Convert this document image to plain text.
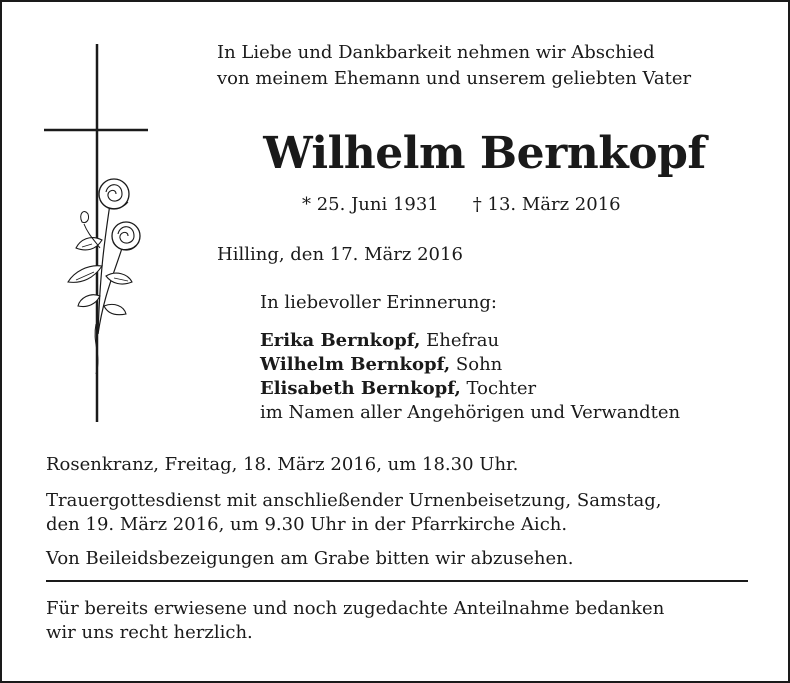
In Liebe und Dankbarkeit nehmen wir Abschied
von meinem Ehemann und unserem geliebten Vater
Wilhelm Bernkopf
* 25. Juni 1931 † 13. März 2016
Hilling, den 17. März 2016
In liebevoller Erinnerung:
Erika Bernkopf, Ehefrau
Wilhelm Bernkopf, Sohn
Elisabeth Bernkopf, Tochter
im Namen aller Angehörigen und Verwandten
Rosenkranz, Freitag, 18. März 2016, um 18.30 Uhr.
Trauergottesdienst mit anschließender Urnenbeisetzung, Samstag,
den 19. März 2016, um 9.30 Uhr in der Pfarrkirche Aich.
Von Beileidsbezeigungen am Grabe bitten wir abzusehen.
Für bereits erwiesene und noch zugedachte Anteilnahme bedanken
wir uns recht herzlich.
